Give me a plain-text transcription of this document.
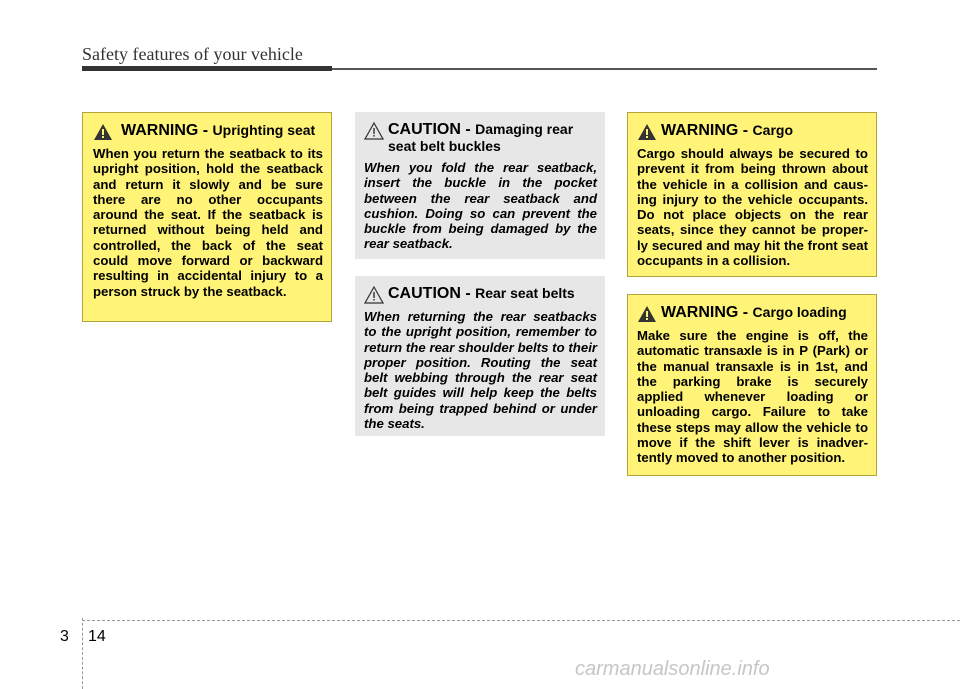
Safety features of your vehicle
WARNING - Uprighting seat
When you return the seatback to its upright position, hold the seatback and return it slowly and be sure there are no other occupants around the seat. If the seatback is returned without being held and controlled, the back of the seat could move forward or backward resulting in accidental injury to a person struck by the seatback.
CAUTION - Damaging rear seat belt buckles
When you fold the rear seatback, insert the buckle in the pocket between the rear seatback and cushion. Doing so can prevent the buckle from being damaged by the rear seatback.
CAUTION - Rear seat belts
When returning the rear seatbacks to the upright position, remember to return the rear shoulder belts to their proper position. Routing the seat belt webbing through the rear seat belt guides will help keep the belts from being trapped behind or under the seats.
WARNING - Cargo
Cargo should always be secured to prevent it from being thrown about the vehicle in a collision and caus-ing injury to the vehicle occupants. Do not place objects on the rear seats, since they cannot be proper-ly secured and may hit the front seat occupants in a collision.
WARNING - Cargo loading
Make sure the engine is off, the automatic transaxle is in P (Park) or the manual transaxle is in 1st, and the parking brake is securely applied whenever loading or unloading cargo. Failure to take these steps may allow the vehicle to move if the shift lever is inadver-tently moved to another position.
3 14
carmanualsonline.info
